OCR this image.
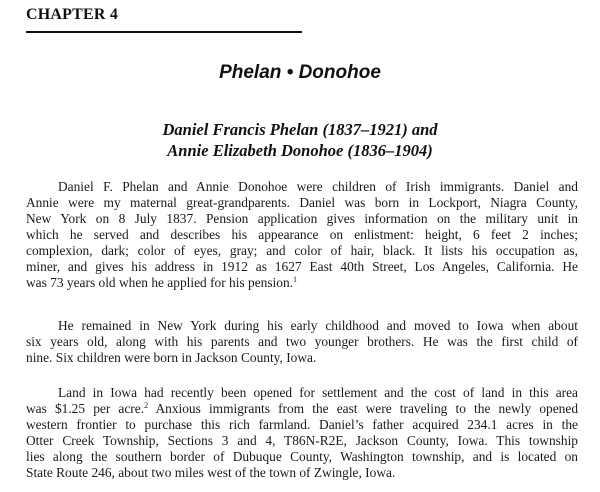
CHAPTER 4
Phelan • Donohoe
Daniel Francis Phelan (1837–1921) and
Annie Elizabeth Donohoe (1836–1904)
Daniel F. Phelan and Annie Donohoe were children of Irish immigrants. Daniel and
Annie were my maternal great-grandparents. Daniel was born in Lockport, Niagra County,
New York on 8 July 1837. Pension application gives information on the military unit in
which he served and describes his appearance on enlistment: height, 6 feet 2 inches;
complexion, dark; color of eyes, gray; and color of hair, black. It lists his occupation as,
miner, and gives his address in 1912 as 1627 East 40th Street, Los Angeles, California. He
was 73 years old when he applied for his pension.$^1$
He remained in New York during his early childhood and moved to Iowa when about
six years old, along with his parents and two younger brothers. He was the first child of
nine. Six children were born in Jackson County, Iowa.
Land in Iowa had recently been opened for settlement and the cost of land in this area
was $1.25 per acre.$^2$ Anxious immigrants from the east were traveling to the newly opened
western frontier to purchase this rich farmland. Daniel’s father acquired 234.1 acres in the
Otter Creek Township, Sections 3 and 4, T86N-R2E, Jackson County, Iowa. This township
lies along the southern border of Dubuque County, Washington township, and is located on
State Route 246, about two miles west of the town of Zwingle, Iowa.
